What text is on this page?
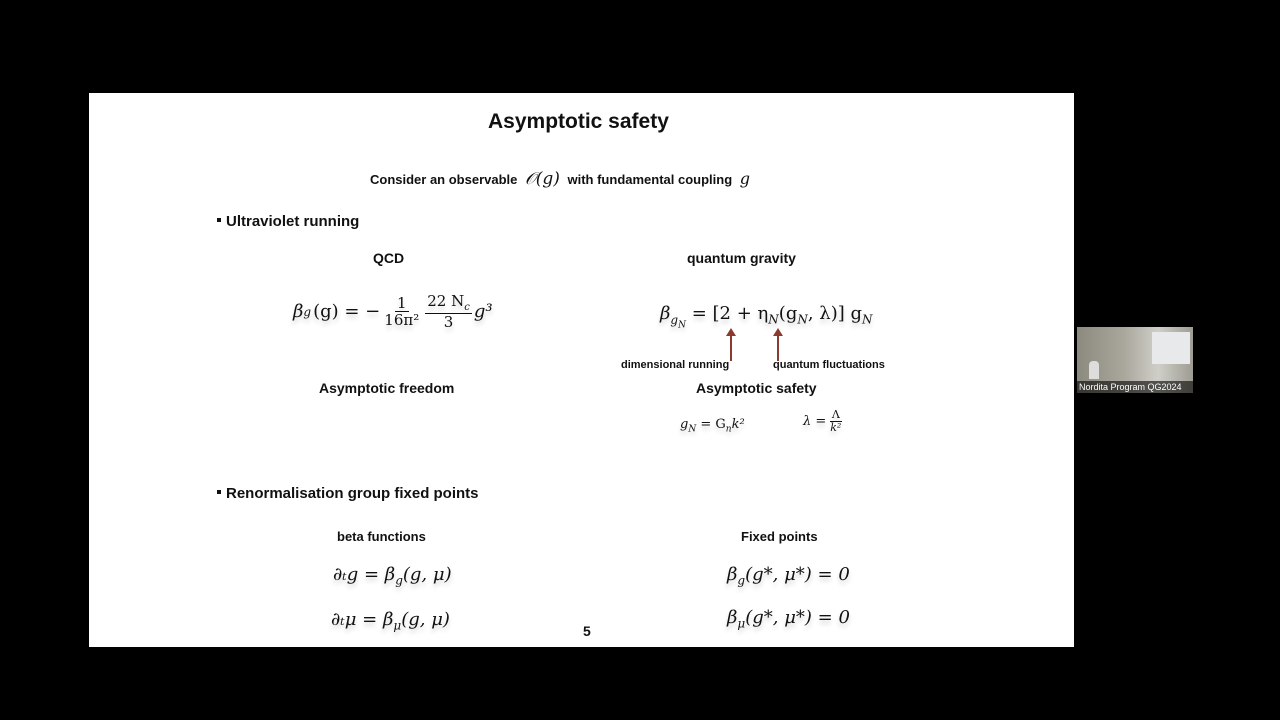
Asymptotic safety
Consider an observable 𝒪(g) with fundamental coupling g
Ultraviolet running
QCD	quantum gravity
β g (g) = − $\frac{1}{\text{16π²}} \frac{22 N_c}{3} g^3$	$\beta_{g_N} = [2 + \eta_N(g_N$, λ)] $g_N$
dimensional running	quantum fluctuations
Asymptotic freedom	Asymptotic safety
$g_N = G_nk^2$	$\lambda = \frac{\Lambda}{\text{k²}}$
Renormalisation group fixed points
beta functions	Fixed points
$\partial_tg = \beta_g(g$, μ)
$\partial_t\mu = \beta_\mu(g$, μ)
$\beta_g(g*$, μ*) = 0
$\beta_\mu(g*$, μ*) = 0
5
Nordita Program QG2024
